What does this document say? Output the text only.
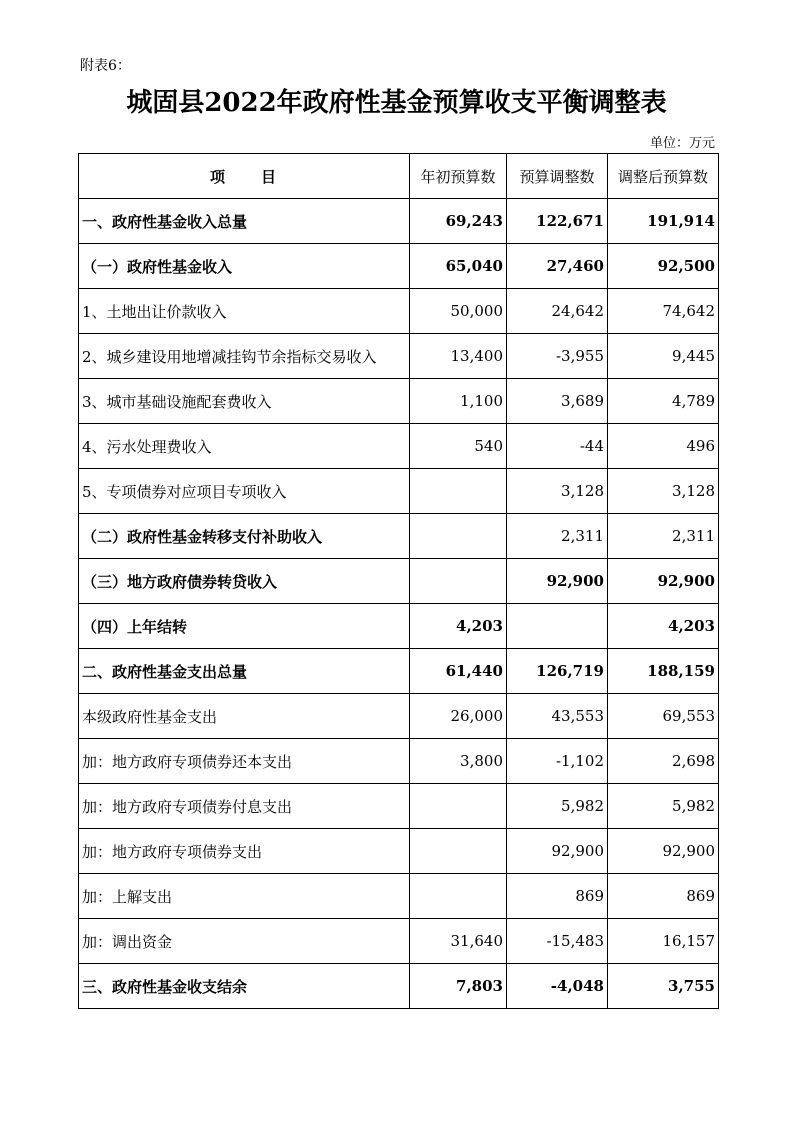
附表6：
城固县2022年政府性基金预算收支平衡调整表
单位：万元
项　　目	年初预算数	预算调整数	调整后预算数
一、政府性基金收入总量	69,243	122,671	191,914
（一）政府性基金收入	65,040	27,460	92,500
1、土地出让价款收入	50,000	24,642	74,642
2、城乡建设用地增减挂钩节余指标交易收入	13,400	-3,955	9,445
3、城市基础设施配套费收入	1,100	3,689	4,789
4、污水处理费收入	540	-44	496
5、专项债券对应项目专项收入		3,128	3,128
（二）政府性基金转移支付补助收入		2,311	2,311
（三）地方政府债券转贷收入		92,900	92,900
（四）上年结转	4,203		4,203
二、政府性基金支出总量	61,440	126,719	188,159
本级政府性基金支出	26,000	43,553	69,553
加：地方政府专项债券还本支出	3,800	-1,102	2,698
加：地方政府专项债券付息支出		5,982	5,982
加：地方政府专项债券支出		92,900	92,900
加：上解支出		869	869
加：调出资金	31,640	-15,483	16,157
三、政府性基金收支结余	7,803	-4,048	3,755
